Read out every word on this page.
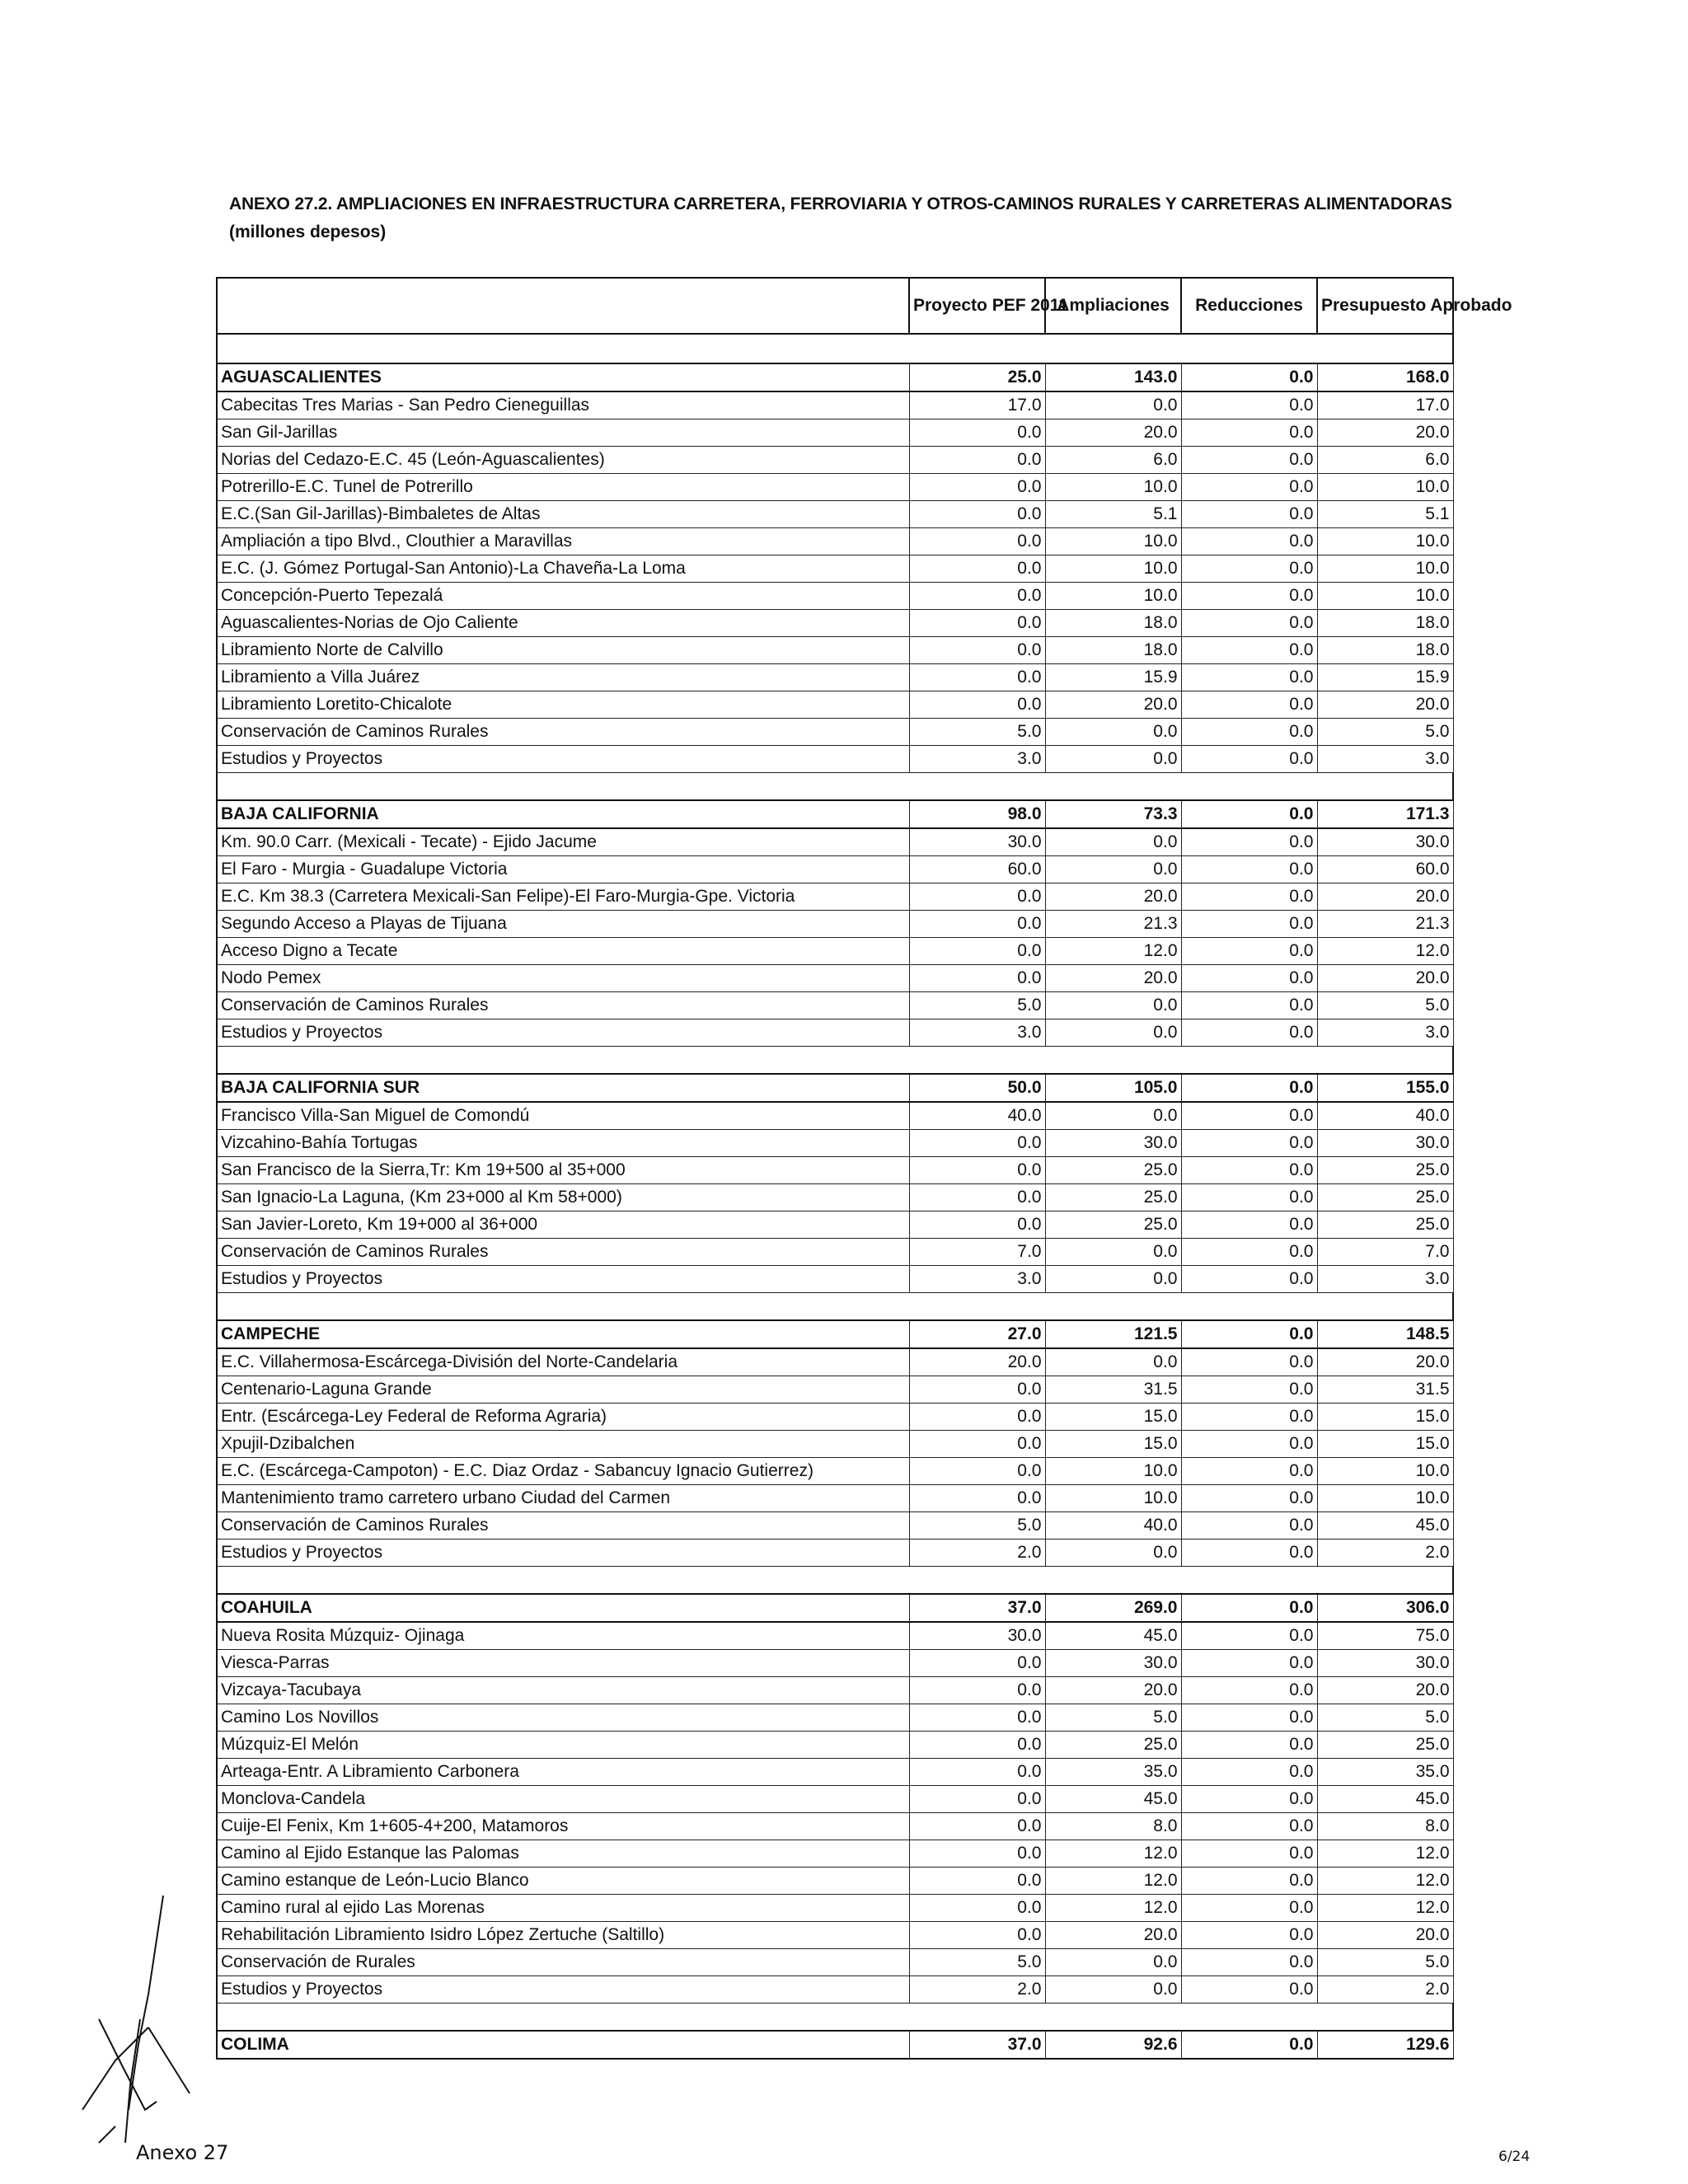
ANEXO 27.2. AMPLIACIONES EN INFRAESTRUCTURA CARRETERA, FERROVIARIA Y OTROS-CAMINOS RURALES Y CARRETERAS ALIMENTADORAS
(millones depesos)
	Proyecto PEF 2011	Ampliaciones	Reducciones	Presupuesto Aprobado

AGUASCALIENTES	25.0	143.0	0.0	168.0
Cabecitas Tres Marias - San Pedro Cieneguillas	17.0	0.0	0.0	17.0
San Gil-Jarillas	0.0	20.0	0.0	20.0
Norias del Cedazo-E.C. 45 (León-Aguascalientes)	0.0	6.0	0.0	6.0
Potrerillo-E.C. Tunel de Potrerillo	0.0	10.0	0.0	10.0
E.C.(San Gil-Jarillas)-Bimbaletes de Altas	0.0	5.1	0.0	5.1
Ampliación a tipo Blvd., Clouthier a Maravillas	0.0	10.0	0.0	10.0
E.C. (J. Gómez Portugal-San Antonio)-La Chaveña-La Loma	0.0	10.0	0.0	10.0
Concepción-Puerto Tepezalá	0.0	10.0	0.0	10.0
Aguascalientes-Norias de Ojo Caliente	0.0	18.0	0.0	18.0
Libramiento Norte de Calvillo	0.0	18.0	0.0	18.0
Libramiento a Villa Juárez	0.0	15.9	0.0	15.9
Libramiento Loretito-Chicalote	0.0	20.0	0.0	20.0
Conservación de Caminos Rurales	5.0	0.0	0.0	5.0
Estudios y Proyectos	3.0	0.0	0.0	3.0

BAJA CALIFORNIA	98.0	73.3	0.0	171.3
Km. 90.0 Carr. (Mexicali - Tecate) - Ejido Jacume	30.0	0.0	0.0	30.0
El Faro - Murgia - Guadalupe Victoria	60.0	0.0	0.0	60.0
E.C. Km 38.3 (Carretera Mexicali-San Felipe)-El Faro-Murgia-Gpe. Victoria	0.0	20.0	0.0	20.0
Segundo Acceso a Playas de Tijuana	0.0	21.3	0.0	21.3
Acceso Digno a Tecate	0.0	12.0	0.0	12.0
Nodo Pemex	0.0	20.0	0.0	20.0
Conservación de Caminos Rurales	5.0	0.0	0.0	5.0
Estudios y Proyectos	3.0	0.0	0.0	3.0

BAJA CALIFORNIA SUR	50.0	105.0	0.0	155.0
Francisco Villa-San Miguel de Comondú	40.0	0.0	0.0	40.0
Vizcahino-Bahía Tortugas	0.0	30.0	0.0	30.0
San Francisco de la Sierra,Tr: Km 19+500 al 35+000	0.0	25.0	0.0	25.0
San Ignacio-La Laguna, (Km 23+000 al Km 58+000)	0.0	25.0	0.0	25.0
San Javier-Loreto, Km 19+000 al 36+000	0.0	25.0	0.0	25.0
Conservación de Caminos Rurales	7.0	0.0	0.0	7.0
Estudios y Proyectos	3.0	0.0	0.0	3.0

CAMPECHE	27.0	121.5	0.0	148.5
E.C. Villahermosa-Escárcega-División del Norte-Candelaria	20.0	0.0	0.0	20.0
Centenario-Laguna Grande	0.0	31.5	0.0	31.5
Entr. (Escárcega-Ley Federal de Reforma Agraria)	0.0	15.0	0.0	15.0
Xpujil-Dzibalchen	0.0	15.0	0.0	15.0
E.C. (Escárcega-Campoton) - E.C. Diaz Ordaz - Sabancuy Ignacio Gutierrez)	0.0	10.0	0.0	10.0
Mantenimiento tramo carretero urbano Ciudad del Carmen	0.0	10.0	0.0	10.0
Conservación de Caminos Rurales	5.0	40.0	0.0	45.0
Estudios y Proyectos	2.0	0.0	0.0	2.0

COAHUILA	37.0	269.0	0.0	306.0
Nueva Rosita Múzquiz- Ojinaga	30.0	45.0	0.0	75.0
Viesca-Parras	0.0	30.0	0.0	30.0
Vizcaya-Tacubaya	0.0	20.0	0.0	20.0
Camino Los Novillos	0.0	5.0	0.0	5.0
Múzquiz-El Melón	0.0	25.0	0.0	25.0
Arteaga-Entr. A Libramiento Carbonera	0.0	35.0	0.0	35.0
Monclova-Candela	0.0	45.0	0.0	45.0
Cuije-El Fenix, Km 1+605-4+200, Matamoros	0.0	8.0	0.0	8.0
Camino al Ejido Estanque las Palomas	0.0	12.0	0.0	12.0
Camino estanque de León-Lucio Blanco	0.0	12.0	0.0	12.0
Camino rural al ejido Las Morenas	0.0	12.0	0.0	12.0
Rehabilitación Libramiento Isidro López Zertuche (Saltillo)	0.0	20.0	0.0	20.0
Conservación de Rurales	5.0	0.0	0.0	5.0
Estudios y Proyectos	2.0	0.0	0.0	2.0

COLIMA	37.0	92.6	0.0	129.6
Anexo 27	6/24
